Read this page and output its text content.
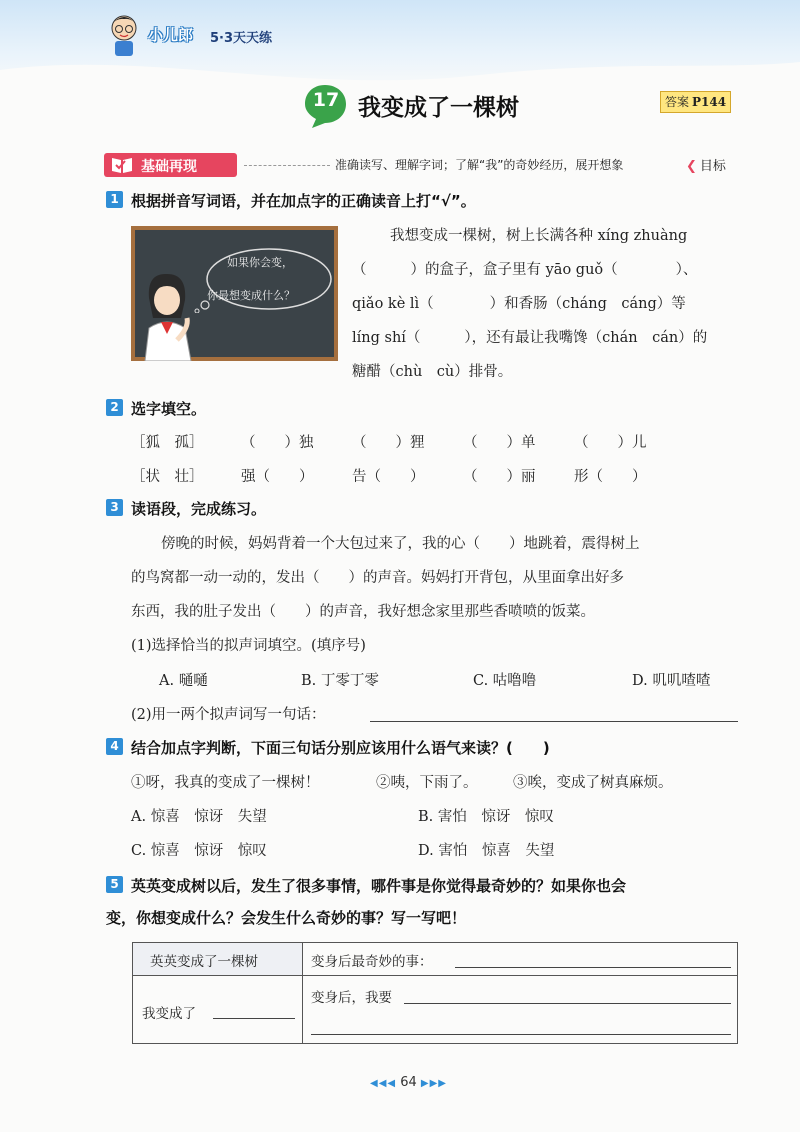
小儿郎 5·3天天练
17 我变成了一棵树	答案 P144
基础再现	准确读写、理解字词；了解“我”的奇妙经历，展开想象	❮ 目标
1 根据拼音写词语，并在加点字的正确读音上打“√”。
如果你会变，
你最想变成什么？
我想变成一棵树，树上长满各种 xíng zhuàng
（	）的盒子，盒子里有 yāo guǒ（	）、
qiǎo kè lì（	）和香肠（cháng　cáng）等
líng shí（	），还有最让我嘴馋（chán　cán）的
糖醋（chù　cù）排骨。
2 选字填空。
［狐　孤］	（　　）独	（　　）狸	（　　）单	（　　）儿
［状　壮］	强（　　）	告（　　）	（　　）丽	形（　　）
3 读语段，完成练习。
傍晚的时候，妈妈背着一个大包过来了，我的心（　　）地跳着，震得树上
的鸟窝都一动一动的，发出（　　）的声音。妈妈打开背包，从里面拿出好多
东西，我的肚子发出（　　）的声音，我好想念家里那些香喷喷的饭菜。
(1)选择恰当的拟声词填空。(填序号)
A. 嗵嗵	B. 丁零丁零	C. 咕噜噜	D. 叽叽喳喳
(2)用一两个拟声词写一句话：
4 结合加点字判断，下面三句话分别应该用什么语气来读？(　　)
①呀，我真的变成了一棵树！	②咦，下雨了。 ③唉，变成了树真麻烦。
A. 惊喜　惊讶　失望	B. 害怕　惊讶　惊叹
C. 惊喜　惊讶　惊叹	D. 害怕　惊喜　失望
5 英英变成树以后，发生了很多事情，哪件事是你觉得最奇妙的？如果你也会
变，你想变成什么？会发生什么奇妙的事？写一写吧！
英英变成了一棵树	变身后最奇妙的事：
我变成了
变身后，我要
◀◀◀ 64 ▶▶▶
